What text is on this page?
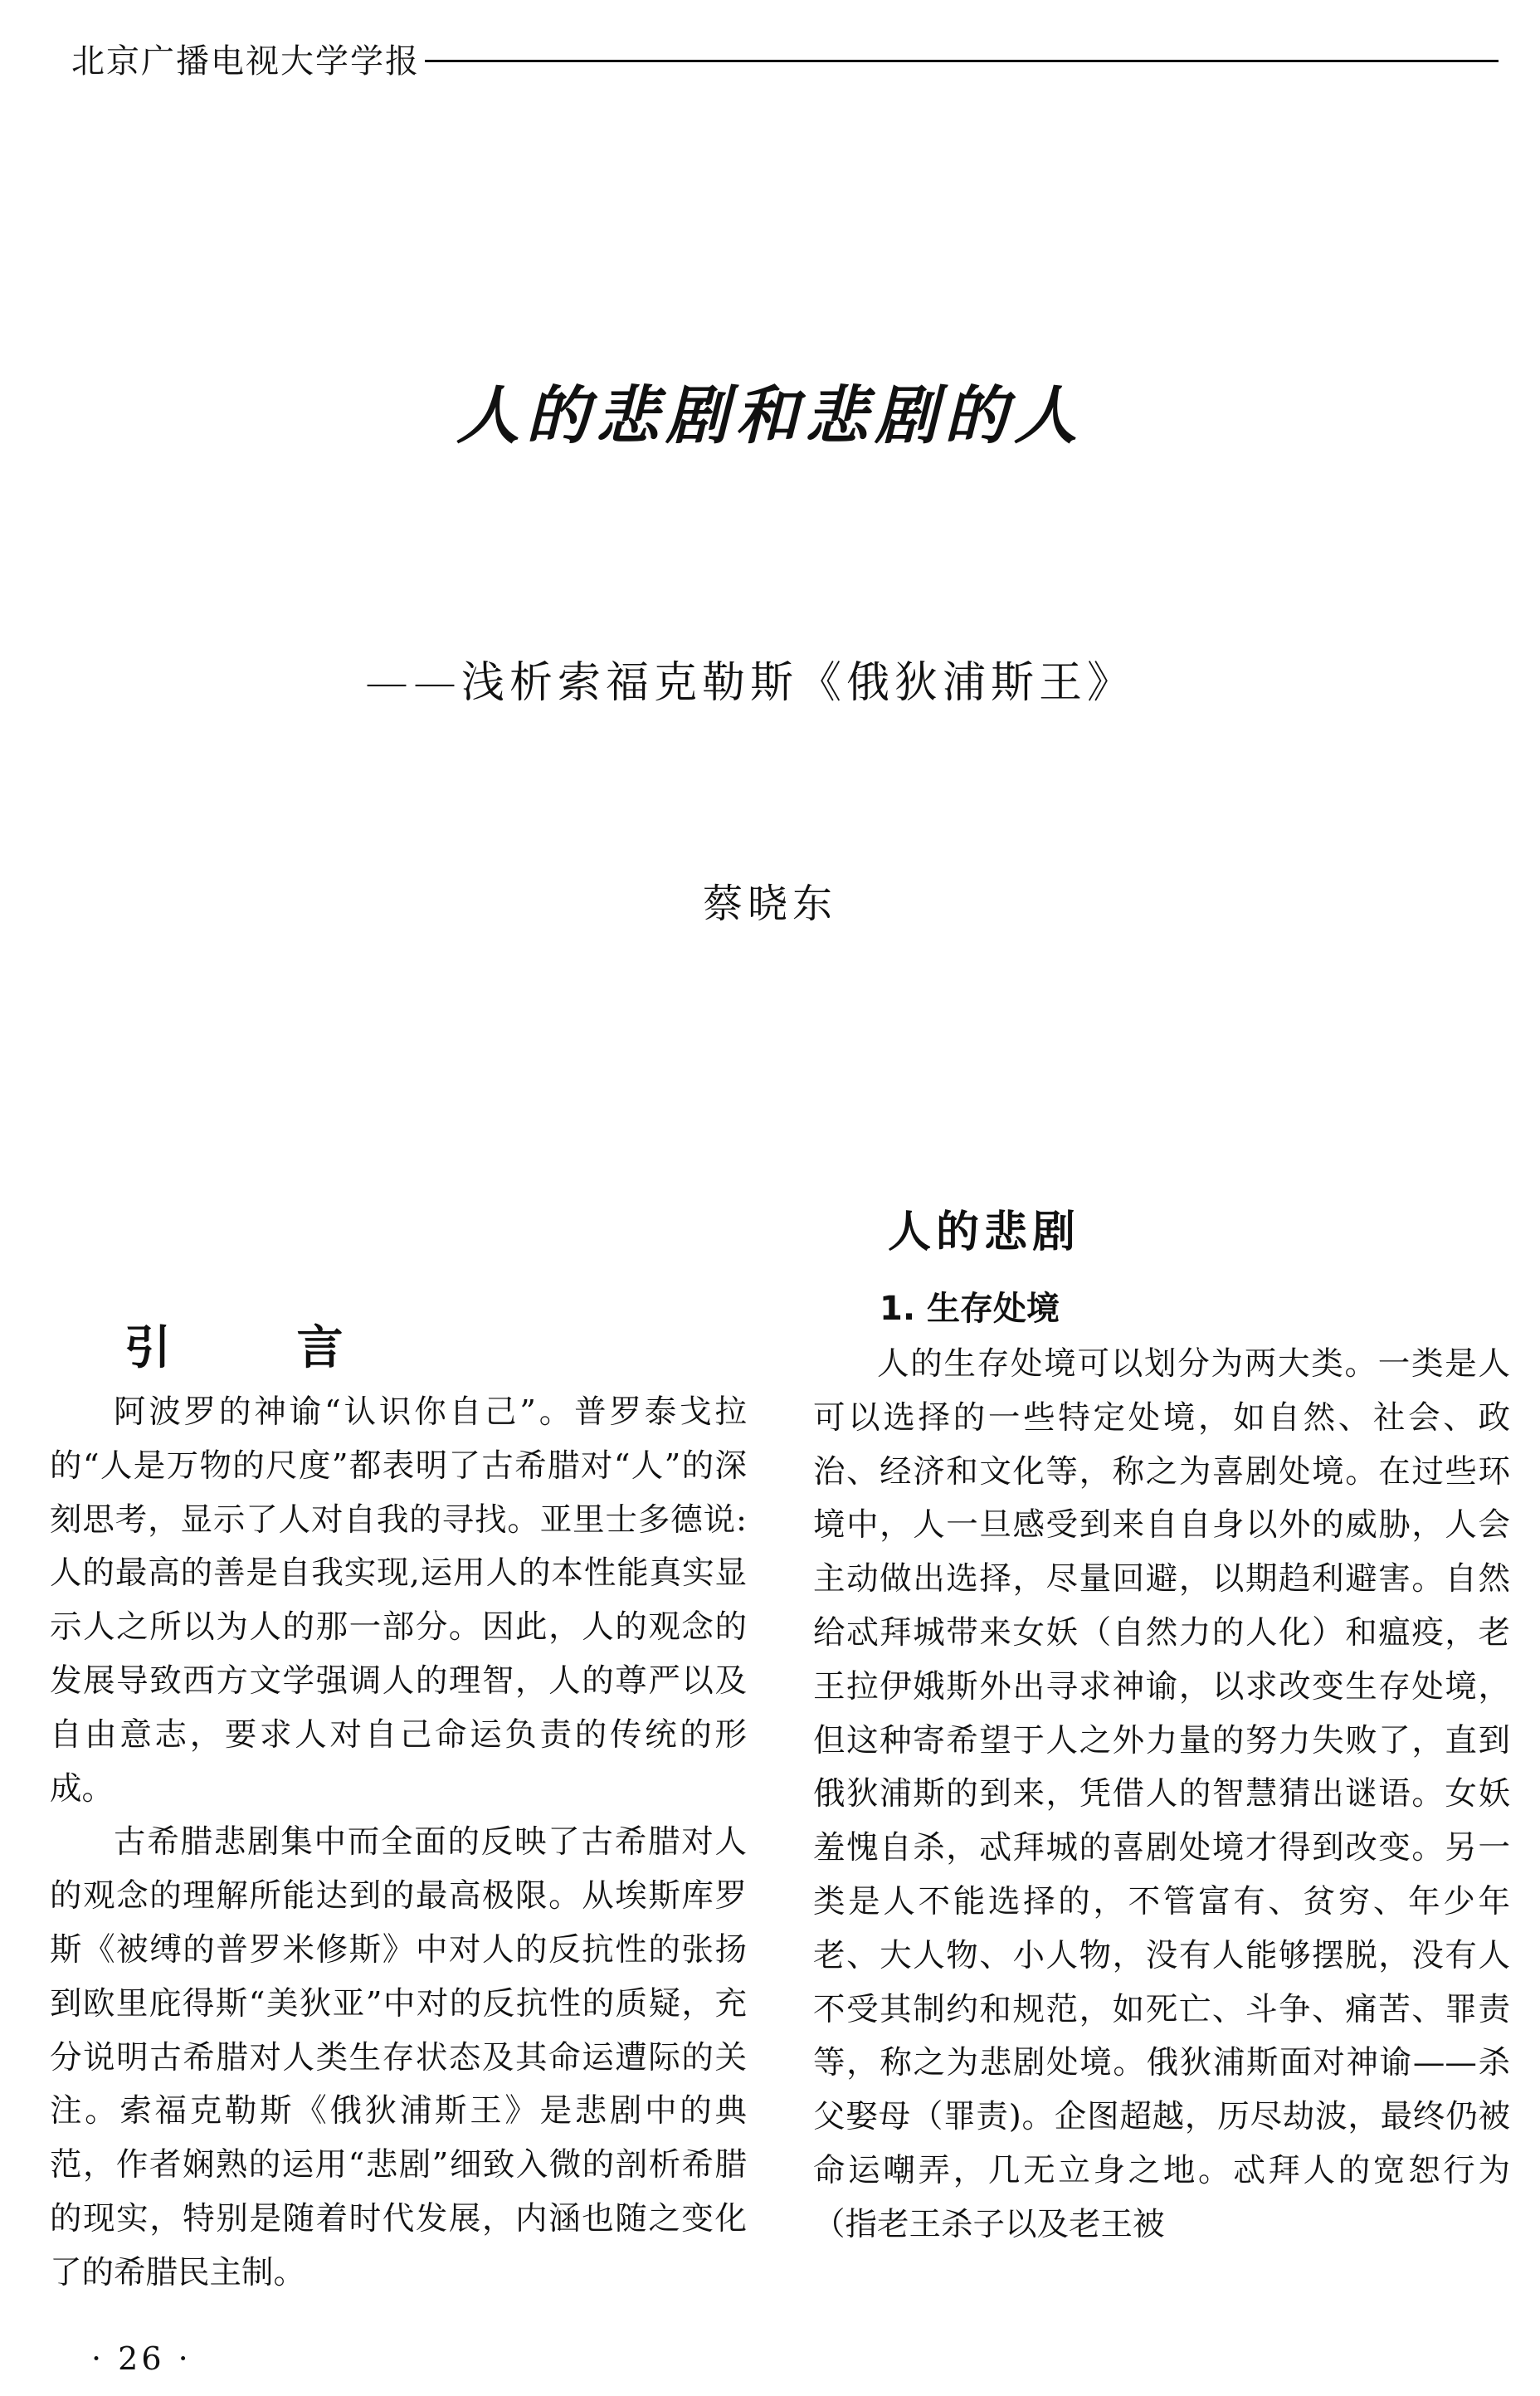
北京广播电视大学学报
人的悲剧和悲剧的人
——浅析索福克勒斯《俄狄浦斯王》
蔡晓东
引 言

阿波罗的神谕“认识你自己”。普罗泰戈拉的“人是万物的尺度”都表明了古希腊对“人”的深刻思考，显示了人对自我的寻找。亚里士多德说:人的最高的善是自我实现,运用人的本性能真实显示人之所以为人的那一部分。因此，人的观念的发展导致西方文学强调人的理智，人的尊严以及自由意志，要求人对自己命运负责的传统的形成。

古希腊悲剧集中而全面的反映了古希腊对人的观念的理解所能达到的最高极限。从埃斯库罗斯《被缚的普罗米修斯》中对人的反抗性的张扬到欧里庇得斯“美狄亚”中对的反抗性的质疑，充分说明古希腊对人类生存状态及其命运遭际的关注。索福克勒斯《俄狄浦斯王》是悲剧中的典范，作者娴熟的运用“悲剧”细致入微的剖析希腊的现实，特别是随着时代发展，内涵也随之变化了的希腊民主制。

人的悲剧
1. 生存处境

人的生存处境可以划分为两大类。一类是人可以选择的一些特定处境，如自然、社会、政治、经济和文化等，称之为喜剧处境。在过些环境中，人一旦感受到来自自身以外的威胁，人会主动做出选择，尽量回避，以期趋利避害。自然给忒拜城带来女妖（自然力的人化）和瘟疫，老王拉伊娥斯外出寻求神谕，以求改变生存处境，但这种寄希望于人之外力量的努力失败了，直到俄狄浦斯的到来，凭借人的智慧猜出谜语。女妖羞愧自杀，忒拜城的喜剧处境才得到改变。另一类是人不能选择的，不管富有、贫穷、年少年老、大人物、小人物，没有人能够摆脱，没有人不受其制约和规范，如死亡、斗争、痛苦、罪责等，称之为悲剧处境。俄狄浦斯面对神谕——杀父娶母（罪责)。企图超越，历尽劫波，最终仍被命运嘲弄，几无立身之地。忒拜人的宽恕行为（指老王杀子以及老王被

· 26 ·
